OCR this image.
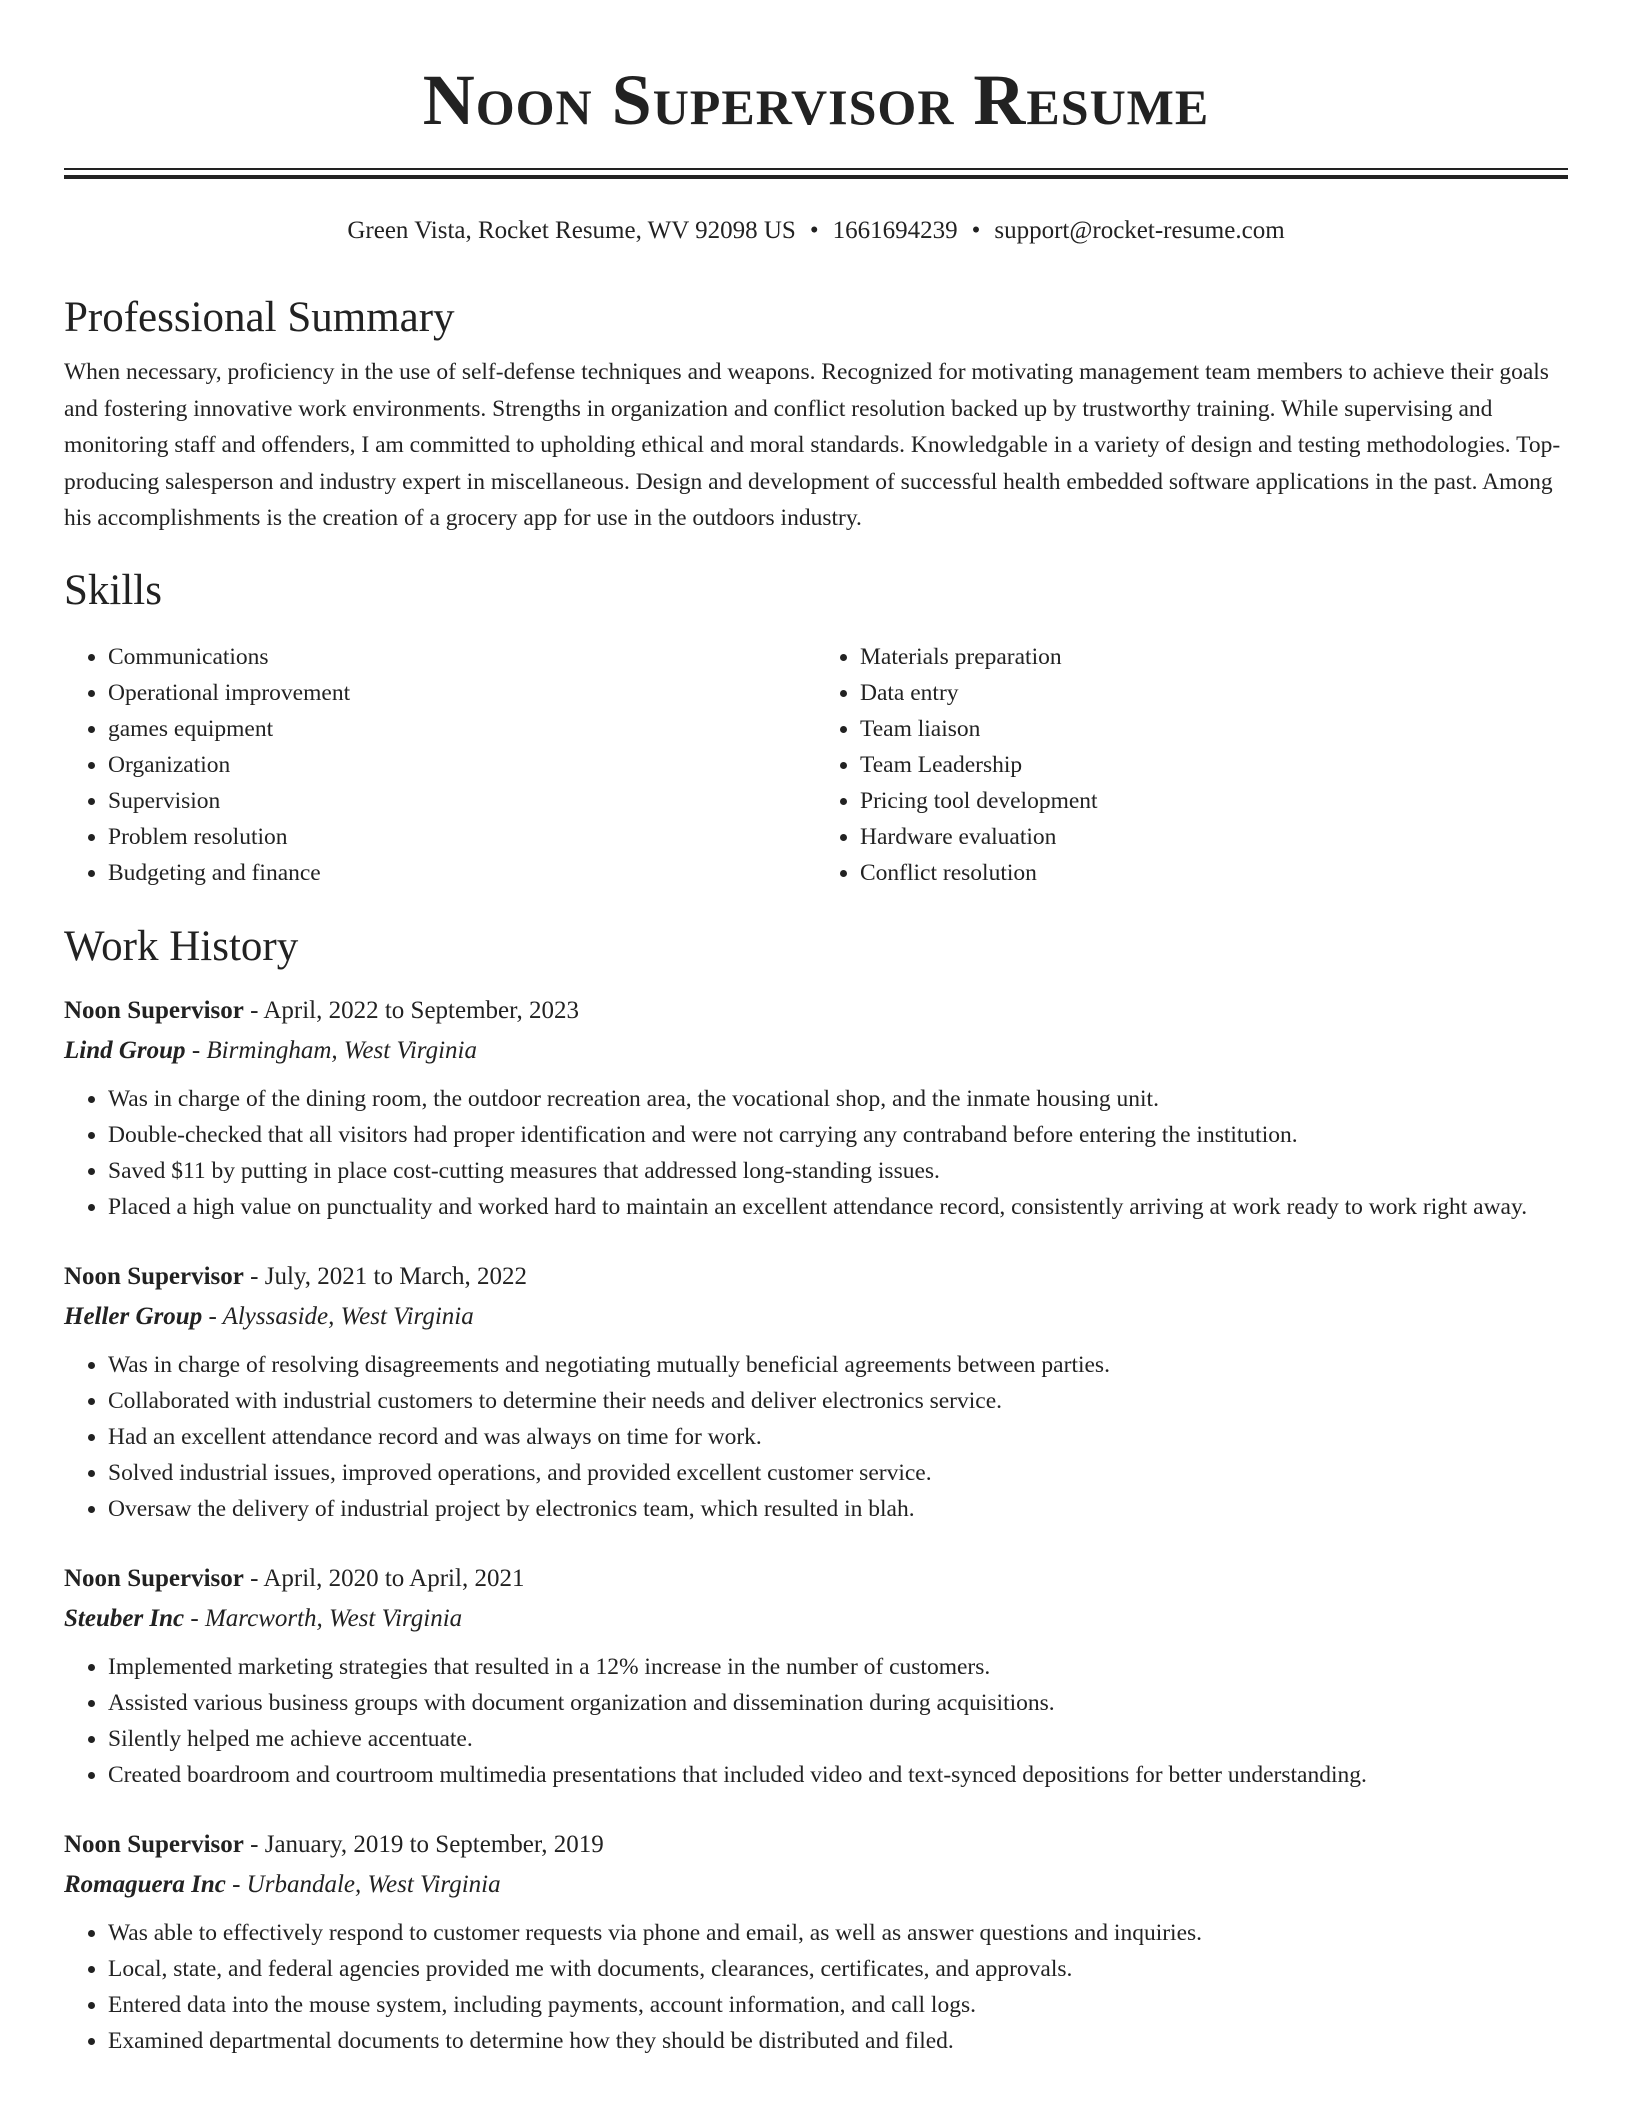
Noon Supervisor Resume
Green Vista, Rocket Resume, WV 92098 US • 1661694239 • support@rocket-resume.com
Professional Summary

When necessary, proficiency in the use of self-defense techniques and weapons. Recognized for motivating management team members to achieve their goals and fostering innovative work environments. Strengths in organization and conflict resolution backed up by trustworthy training. While supervising and monitoring staff and offenders, I am committed to upholding ethical and moral standards. Knowledgable in a variety of design and testing methodologies. Top-producing salesperson and industry expert in miscellaneous. Design and development of successful health embedded software applications in the past. Among his accomplishments is the creation of a grocery app for use in the outdoors industry.

Skills
• Communications
• Operational improvement
• games equipment
• Organization
• Supervision
• Problem resolution
• Budgeting and finance
• Materials preparation
• Data entry
• Team liaison
• Team Leadership
• Pricing tool development
• Hardware evaluation
• Conflict resolution
Work History
Noon Supervisor - April, 2022 to September, 2023
Lind Group - Birmingham, West Virginia
• Was in charge of the dining room, the outdoor recreation area, the vocational shop, and the inmate housing unit.
• Double-checked that all visitors had proper identification and were not carrying any contraband before entering the institution.
• Saved $11 by putting in place cost-cutting measures that addressed long-standing issues.
• Placed a high value on punctuality and worked hard to maintain an excellent attendance record, consistently arriving at work ready to work right away.
Noon Supervisor - July, 2021 to March, 2022
Heller Group - Alyssaside, West Virginia
• Was in charge of resolving disagreements and negotiating mutually beneficial agreements between parties.
• Collaborated with industrial customers to determine their needs and deliver electronics service.
• Had an excellent attendance record and was always on time for work.
• Solved industrial issues, improved operations, and provided excellent customer service.
• Oversaw the delivery of industrial project by electronics team, which resulted in blah.
Noon Supervisor - April, 2020 to April, 2021
Steuber Inc - Marcworth, West Virginia
• Implemented marketing strategies that resulted in a 12% increase in the number of customers.
• Assisted various business groups with document organization and dissemination during acquisitions.
• Silently helped me achieve accentuate.
• Created boardroom and courtroom multimedia presentations that included video and text-synced depositions for better understanding.
Noon Supervisor - January, 2019 to September, 2019
Romaguera Inc - Urbandale, West Virginia
• Was able to effectively respond to customer requests via phone and email, as well as answer questions and inquiries.
• Local, state, and federal agencies provided me with documents, clearances, certificates, and approvals.
• Entered data into the mouse system, including payments, account information, and call logs.
• Examined departmental documents to determine how they should be distributed and filed.
